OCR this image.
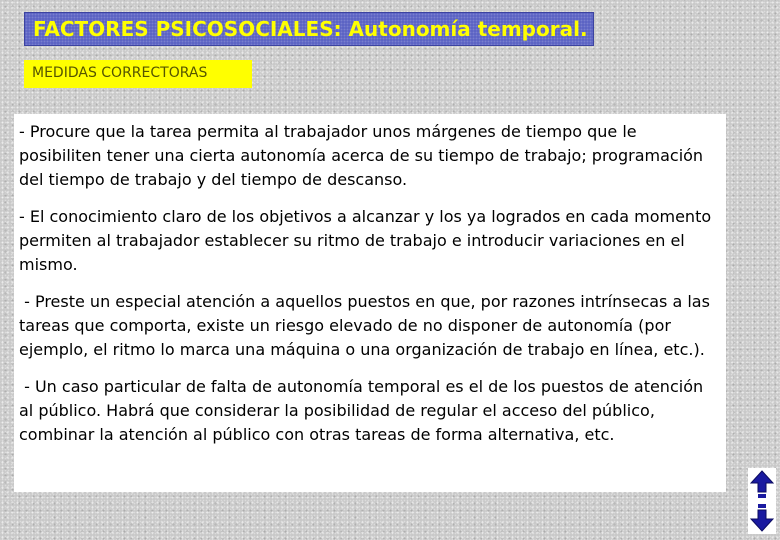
FACTORES PSICOSOCIALES: Autonomía temporal.
MEDIDAS CORRECTORAS

- Procure que la tarea permita al trabajador unos márgenes de tiempo que le posibiliten tener una cierta autonomía acerca de su tiempo de trabajo; programación del tiempo de trabajo y del tiempo de descanso.

- El conocimiento claro de los objetivos a alcanzar y los ya logrados en cada momento permiten al trabajador establecer su ritmo de trabajo e introducir variaciones en el mismo.

- Preste un especial atención a aquellos puestos en que, por razones intrínsecas a las tareas que comporta, existe un riesgo elevado de no disponer de autonomía (por ejemplo, el ritmo lo marca una máquina o una organización de trabajo en línea, etc.).

- Un caso particular de falta de autonomía temporal es el de los puestos de atención al público. Habrá que considerar la posibilidad de regular el acceso del público, combinar la atención al público con otras tareas de forma alternativa, etc.
